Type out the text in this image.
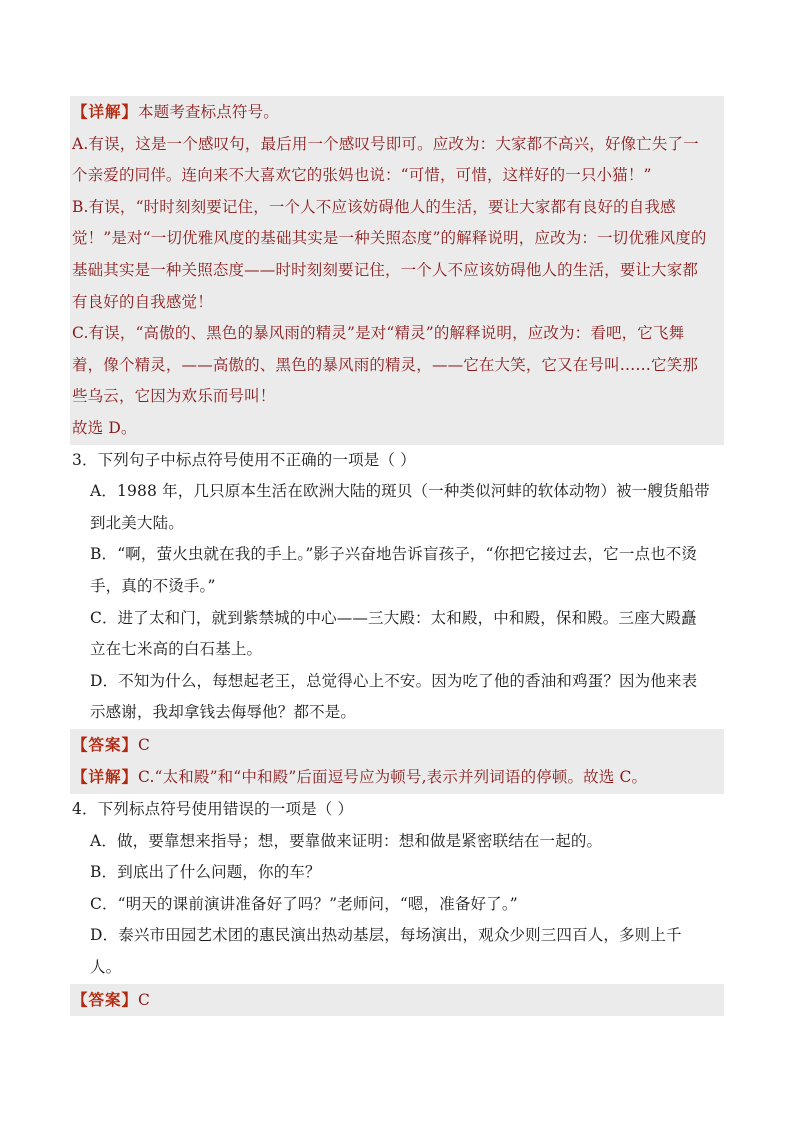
【详解】本题考查标点符号。
A.有误，这是一个感叹句，最后用一个感叹号即可。应改为：大家都不高兴，好像亡失了一
个亲爱的同伴。连向来不大喜欢它的张妈也说：“可惜，可惜，这样好的一只小猫！”
B.有误，“时时刻刻要记住，一个人不应该妨碍他人的生活，要让大家都有良好的自我感
觉！”是对“一切优雅风度的基础其实是一种关照态度”的解释说明，应改为：一切优雅风度的
基础其实是一种关照态度——时时刻刻要记住，一个人不应该妨碍他人的生活，要让大家都
有良好的自我感觉！
C.有误，“高傲的、黑色的暴风雨的精灵”是对“精灵”的解释说明，应改为：看吧，它飞舞
着，像个精灵，——高傲的、黑色的暴风雨的精灵，——它在大笑，它又在号叫……它笑那
些乌云，它因为欢乐而号叫！
故选 D。
3．下列句子中标点符号使用不正确的一项是（ ）
A．1988 年，几只原本生活在欧洲大陆的斑贝（一种类似河蚌的软体动物）被一艘货船带
到北美大陆。
B．“啊，萤火虫就在我的手上。”影子兴奋地告诉盲孩子，“你把它接过去，它一点也不烫
手，真的不烫手。”
C．进了太和门，就到紫禁城的中心——三大殿：太和殿，中和殿，保和殿。三座大殿矗
立在七米高的白石基上。
D．不知为什么，每想起老王，总觉得心上不安。因为吃了他的香油和鸡蛋？因为他来表
示感谢，我却拿钱去侮辱他？都不是。
【答案】C
【详解】C.“太和殿”和“中和殿”后面逗号应为顿号,表示并列词语的停顿。故选 C。
4．下列标点符号使用错误的一项是（ ）
A．做，要靠想来指导；想，要靠做来证明：想和做是紧密联结在一起的。
B．到底出了什么问题，你的车？
C．“明天的课前演讲准备好了吗？”老师问，“嗯，准备好了。”
D．泰兴市田园艺术团的惠民演出热动基层，每场演出，观众少则三四百人，多则上千
人。
【答案】C
